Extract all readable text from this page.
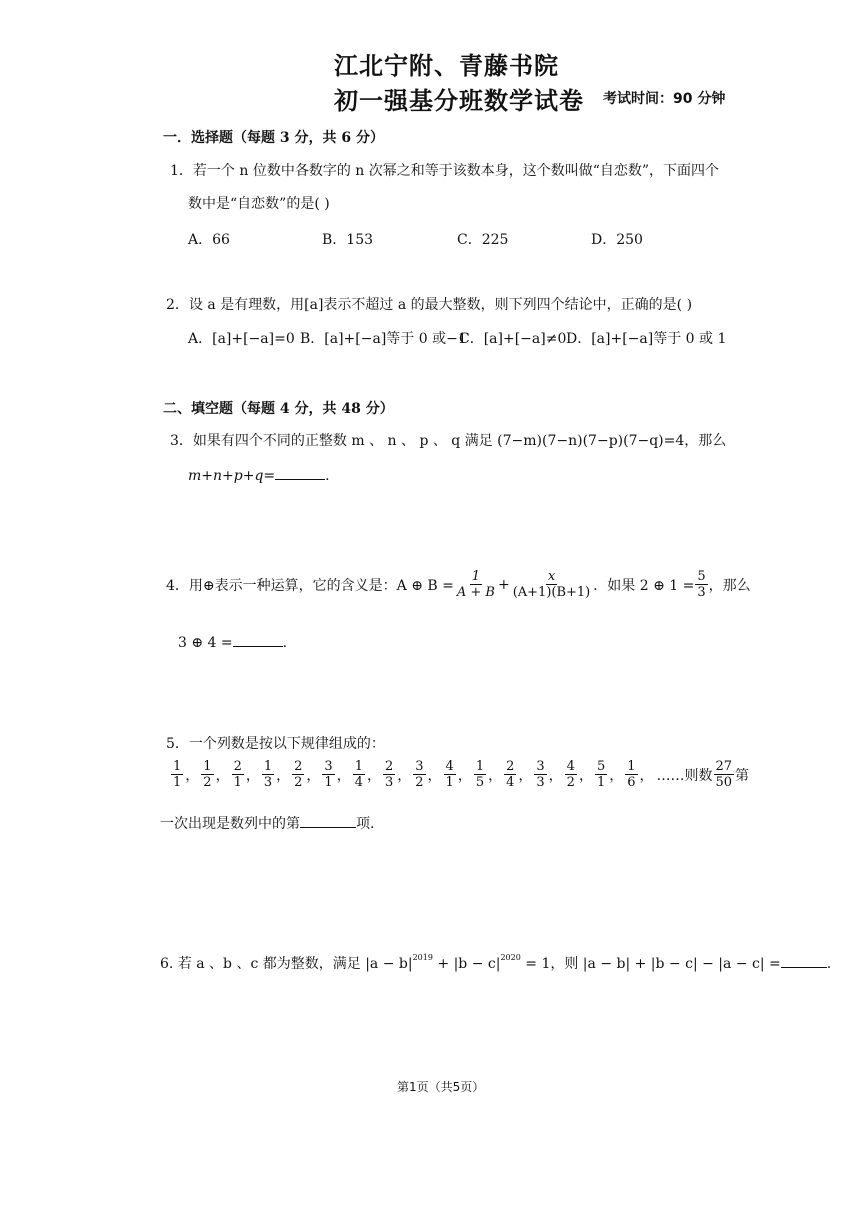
江北宁附、青藤书院
初一强基分班数学试卷 考试时间：90 分钟
一．选择题（每题 3 分，共 6 分）
1．若一个 n 位数中各数字的 n 次幂之和等于该数本身，这个数叫做“自恋数”，下面四个
数中是“自恋数”的是( )
A．66	B．153	C．225	D．250
2．设 a 是有理数，用[a]表示不超过 a 的最大整数，则下列四个结论中，正确的是( )
A．[a]+[−a]=0 B．[a]+[−a]等于 0 或−1
C．[a]+[−a]≠0 D．[a]+[−a]等于 0 或 1
二、填空题（每题 4 分，共 48 分）
3．如果有四个不同的正整数 m 、 n 、 p 、 q 满足 (7−m)(7−n)(7−p)(7−q)=4，那么
m+n+p+q=	.
4．用⊕表示一种运算，它的含义是：A ⊕ $B = \frac{1}{A + B} + \frac{x}{(A+1)(B+1)}$ ．如果 2 ⊕ $1 = \frac{5}{3}$ ，那么
3 ⊕ 4 =	.
5．一个列数是按以下规律组成的：
$\frac{1}{1}$ ， $\frac{1}{2}$ ， $\frac{2}{1}$ ， $\frac{1}{3}$ ， $\frac{2}{2}$ ， $\frac{3}{1}$ ， $\frac{1}{4}$ ， $\frac{2}{3}$ ， $\frac{3}{2}$ ， $\frac{4}{1}$ ， $\frac{1}{5}$ ， $\frac{2}{4}$ ， $\frac{3}{3}$ ， $\frac{4}{2}$ ， $\frac{5}{1}$ ， $\frac{1}{6}$ ， ……则数 $\frac{27}{50}$ 第
一次出现是数列中的第	项.
6. 若 a 、b 、c 都为整数，满足 $|a - b|^{2019} + |b - c|^{2020} = 1$，则 |a − b| + |b − c| − |a − c| =	.
第1页（共5页）
